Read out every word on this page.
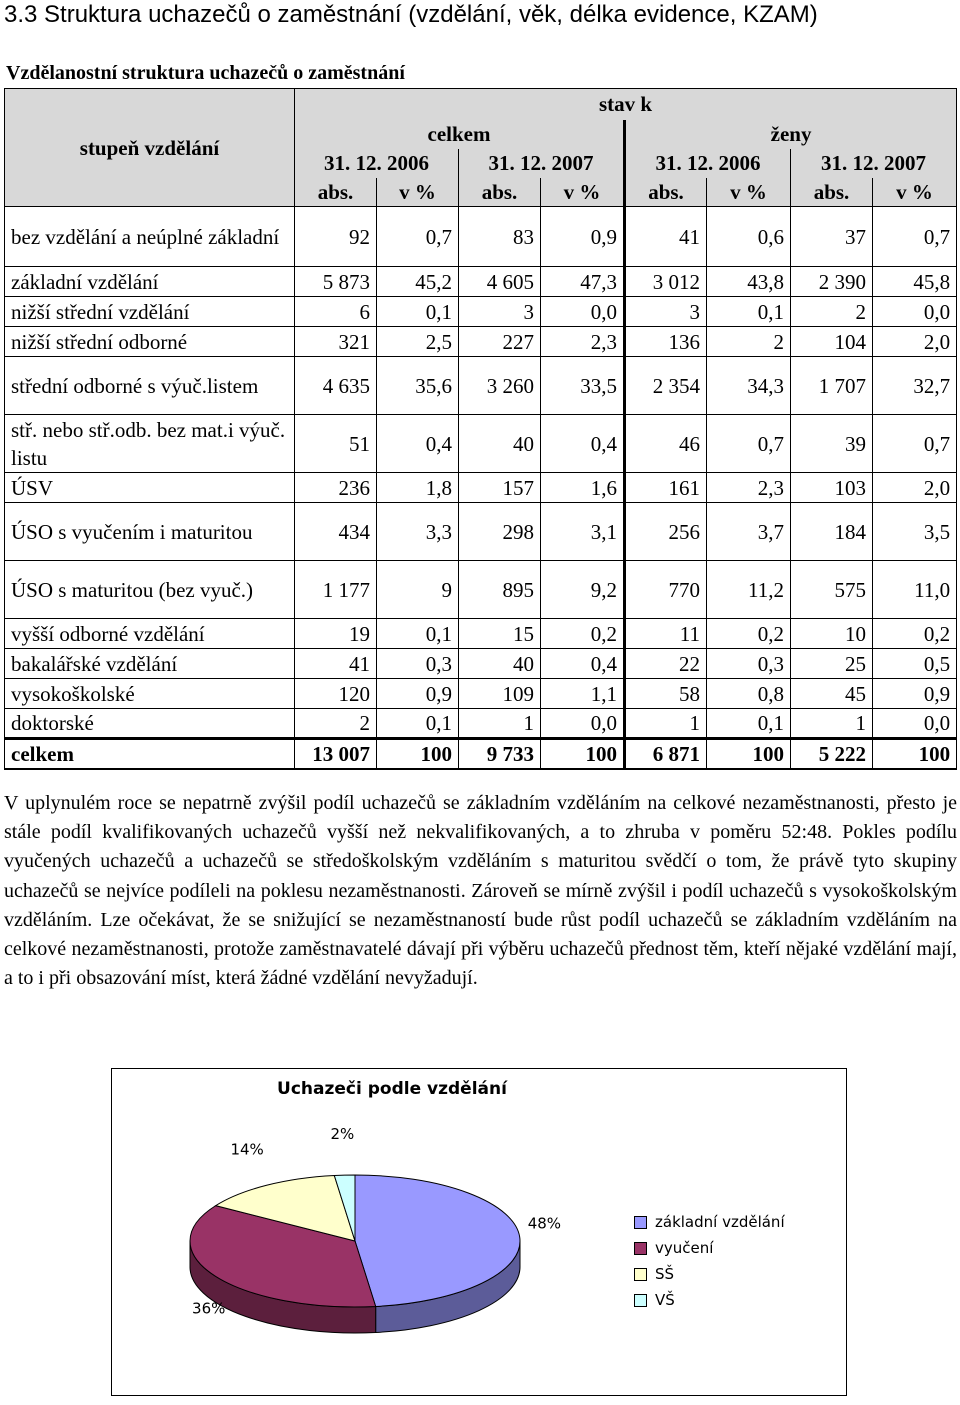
3.3 Struktura uchazečů o zaměstnání (vzdělání, věk, délka evidence, KZAM)
Vzdělanostní struktura uchazečů o zaměstnání
stupeň vzdělání	stav k							
	celkem				ženy			
	31. 12. 2006		31. 12. 2007		31. 12. 2006		31. 12. 2007	
	abs.	v %	abs.	v %	abs.	v %	abs.	v %
bez vzdělání a neúplné základní	92	0,7	83	0,9	41	0,6	37	0,7
základní vzdělání	5 873	45,2	4 605	47,3	3 012	43,8	2 390	45,8
nižší střední vzdělání	6	0,1	3	0,0	3	0,1	2	0,0
nižší střední odborné	321	2,5	227	2,3	136	2	104	2,0
střední odborné s výuč.listem	4 635	35,6	3 260	33,5	2 354	34,3	1 707	32,7
stř. nebo stř.odb. bez mat.i výuč. listu	51	0,4	40	0,4	46	0,7	39	0,7
ÚSV	236	1,8	157	1,6	161	2,3	103	2,0
ÚSO s vyučením i maturitou	434	3,3	298	3,1	256	3,7	184	3,5
ÚSO s maturitou (bez vyuč.)	1 177	9	895	9,2	770	11,2	575	11,0
vyšší odborné vzdělání	19	0,1	15	0,2	11	0,2	10	0,2
bakalářské vzdělání	41	0,3	40	0,4	22	0,3	25	0,5
vysokoškolské	120	0,9	109	1,1	58	0,8	45	0,9
doktorské	2	0,1	1	0,0	1	0,1	1	0,0
celkem	13 007	100	9 733	100	6 871	100	5 222	100
V uplynulém roce se nepatrně zvýšil podíl uchazečů se základním vzděláním na celkové nezaměstnanosti, přesto je stále podíl kvalifikovaných uchazečů vyšší než nekvalifikovaných, a to zhruba v poměru 52:48. Pokles podílu vyučených uchazečů a uchazečů se středoškolským vzděláním s maturitou svědčí o tom, že právě tyto skupiny uchazečů se nejvíce podíleli na poklesu nezaměstnanosti. Zároveň se mírně zvýšil i podíl uchazečů s vysokoškolským vzděláním. Lze očekávat, že se snižující se nezaměstnaností bude růst podíl uchazečů se základním vzděláním na celkové nezaměstnanosti, protože zaměstnavatelé dávají při výběru uchazečů přednost těm, kteří nějaké vzdělání mají, a to i při obsazování míst, která žádné vzdělání nevyžadují.
Uchazeči podle vzdělání
48%
36%
14%
2%
základní vzdělání
vyučení
SŠ
VŠ
